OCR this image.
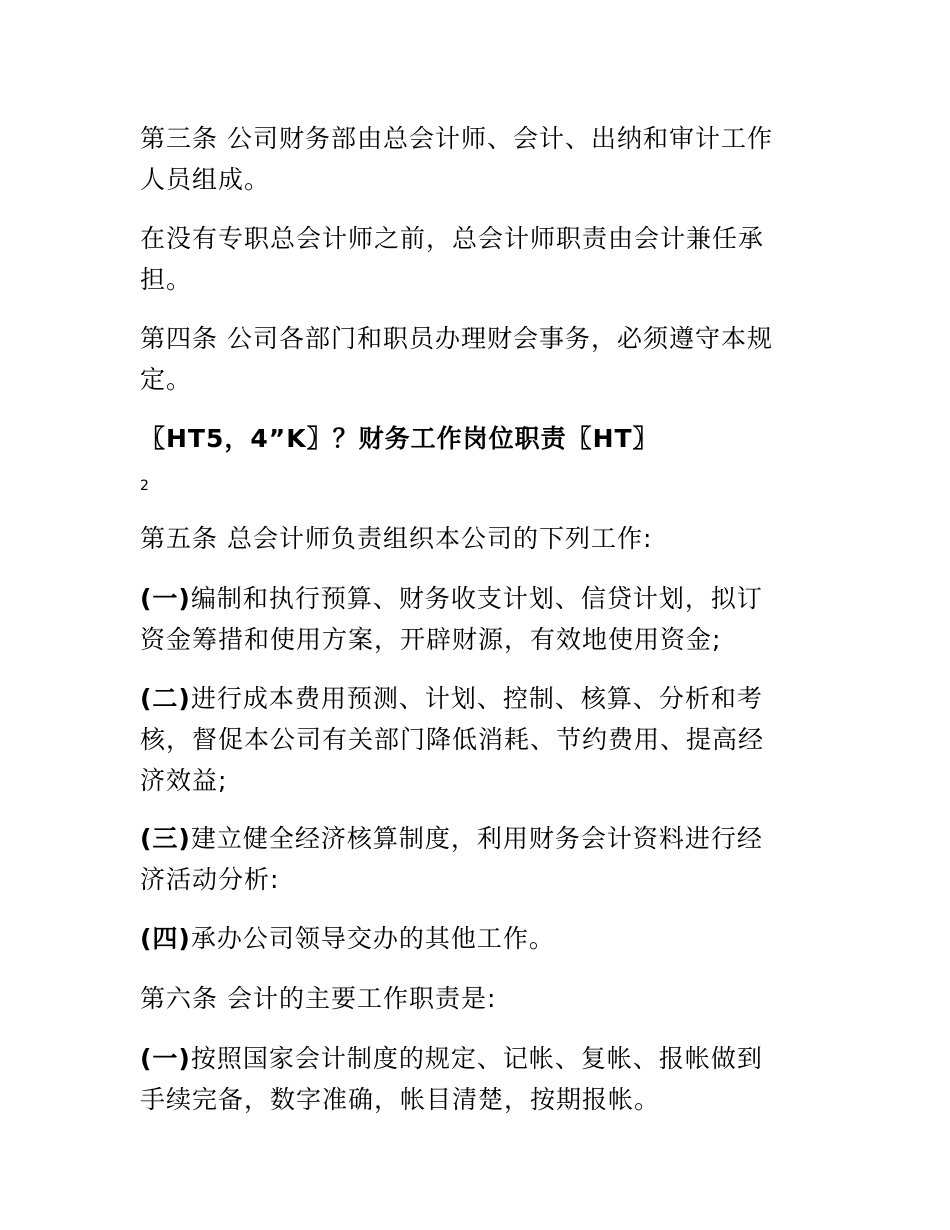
第三条 公司财务部由总会计师、会计、出纳和审计工作
人员组成。
在没有专职总会计师之前，总会计师职责由会计兼任承
担。
第四条 公司各部门和职员办理财会事务，必须遵守本规
定。
〖HT5，4”K〗？财务工作岗位职责〖HT〗
2
第五条 总会计师负责组织本公司的下列工作:
(一)编制和执行预算、财务收支计划、信贷计划，拟订
资金筹措和使用方案，开辟财源，有效地使用资金;
(二)进行成本费用预测、计划、控制、核算、分析和考
核，督促本公司有关部门降低消耗、节约费用、提高经
济效益;
(三)建立健全经济核算制度，利用财务会计资料进行经
济活动分析:
(四)承办公司领导交办的其他工作。
第六条 会计的主要工作职责是:
(一)按照国家会计制度的规定、记帐、复帐、报帐做到
手续完备，数字准确，帐目清楚，按期报帐。
